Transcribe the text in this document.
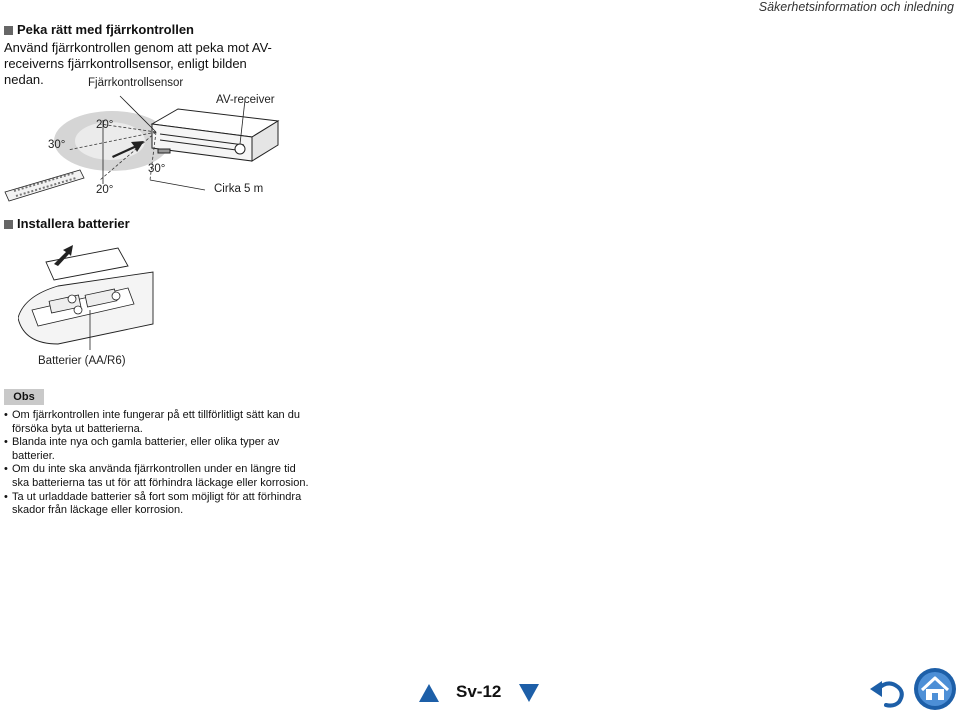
Säkerhetsinformation och inledning
Peka rätt med fjärrkontrollen
Använd fjärrkontrollen genom att peka mot AV-receiverns fjärrkontrollsensor, enligt bilden nedan.	Fjärrkontrollsensor
AV-receiver
30°
20°
20°
30°
Cirka 5 m
Installera batterier
Batterier (AA/R6)
Obs
• Om fjärrkontrollen inte fungerar på ett tillförlitligt sätt kan du försöka byta ut batterierna.
• Blanda inte nya och gamla batterier, eller olika typer av batterier.
• Om du inte ska använda fjärrkontrollen under en längre tid ska batterierna tas ut för att förhindra läckage eller korrosion.
• Ta ut urladdade batterier så fort som möjligt för att förhindra skador från läckage eller korrosion.
Sv-12
